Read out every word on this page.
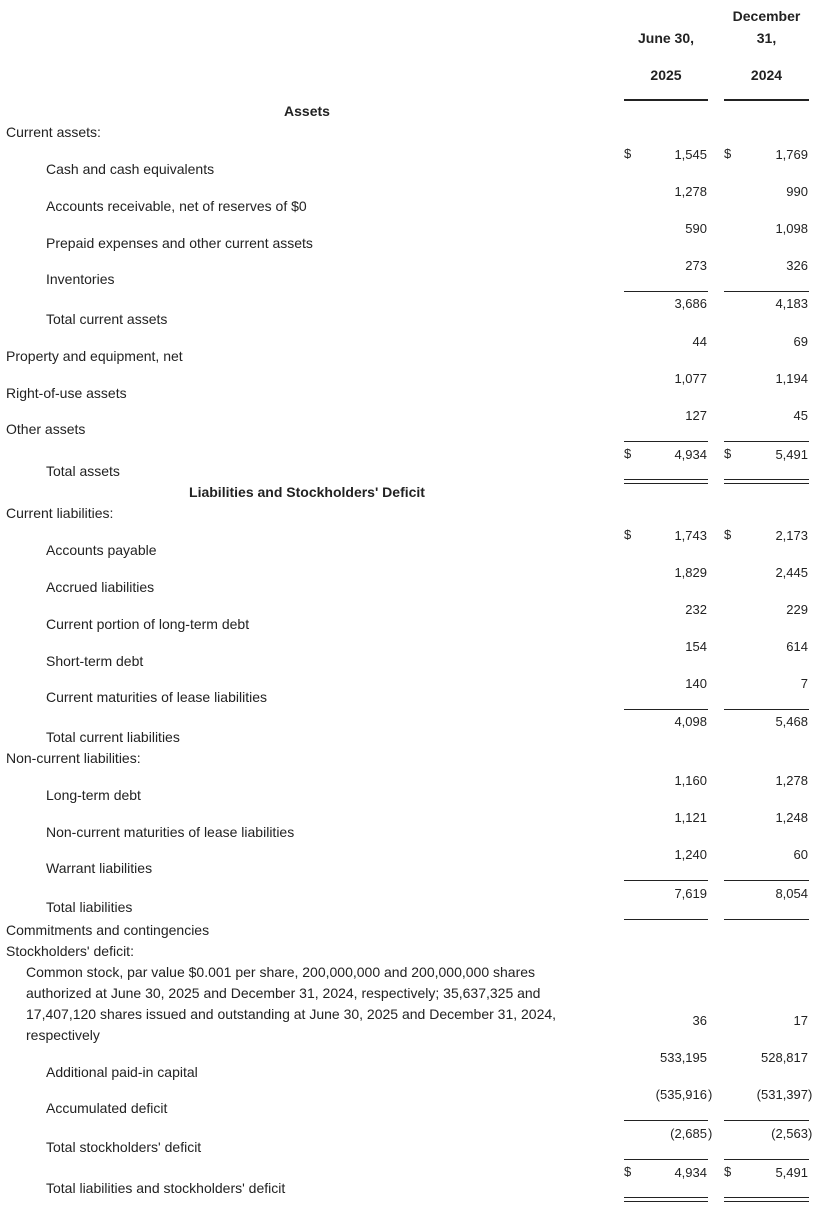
June 30,
2025
December
31,
2024
Assets
Current assets:
Cash and cash equivalents
$	1,545 $	1,769
Accounts receivable, net of reserves of $0
1,278	990
Prepaid expenses and other current assets
590	1,098
Inventories
273	326
Total current assets
3,686	4,183
Property and equipment, net
44	69
Right-of-use assets
1,077	1,194
Other assets
127	45
Total assets
$	4,934 $	5,491
Liabilities and Stockholders' Deficit
Current liabilities:
Accounts payable
$	1,743 $	2,173
Accrued liabilities
1,829	2,445
Current portion of long-term debt
232	229
Short-term debt
154	614
Current maturities of lease liabilities
140	7
Total current liabilities
4,098	5,468
Non-current liabilities:
Long-term debt
1,160	1,278
Non-current maturities of lease liabilities
1,121	1,248
Warrant liabilities
1,240	60
Total liabilities
7,619	8,054
Commitments and contingencies
Stockholders' deficit:
Common stock, par value $0.001 per share, 200,000,000 and 200,000,000 shares authorized at June 30, 2025 and December 31, 2024, respectively; 35,637,325 and 17,407,120 shares issued and outstanding at June 30, 2025 and December 31, 2024, respectively
36	17
Additional paid-in capital
533,195	528,817
Accumulated deficit
(535,916 )	(531,397 )
Total stockholders' deficit
(2,685 )	(2,563 )
Total liabilities and stockholders' deficit
$	4,934 $	5,491
